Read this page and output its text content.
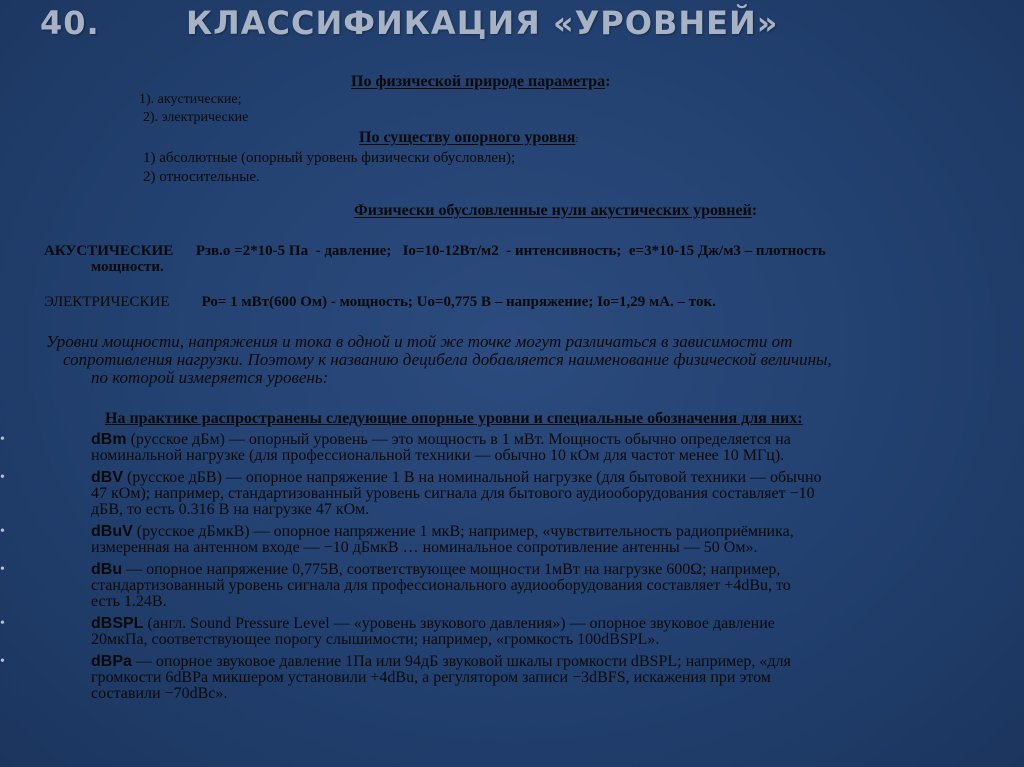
40.	КЛАССИФИКАЦИЯ «УРОВНЕЙ»
По физической природе параметра:
1). акустические;
2). электрические
По существу опорного уровня:
1) абсолютные (опорный уровень физически обусловлен);
2) относительные.
Физически обусловленные нули акустических уровней:
АКУСТИЧЕСКИЕ      Рзв.о =2*10-5 Па  - давление;   Iо=10-12Вт/м2  - интенсивность;  е=3*10-15 Дж/м3 – плотность
мощности.
ЭЛЕКТРИЧЕСКИЕ Ро= 1 мВт(600 Ом) - мощность; Uо=0,775 В – напряжение; Iо=1,29 мА. – ток.
Уровни мощности, напряжения и тока в одной и той же точке могут различаться в зависимости от
сопротивления нагрузки. Поэтому к названию децибела добавляется наименование физической величины,
по которой измеряется уровень:
На практике распространены следующие опорные уровни и специальные обозначения для них:
•	dBm (русское дБм) — опорный уровень — это мощность в 1 мВт. Мощность обычно определяется на
номинальной нагрузке (для профессиональной техники — обычно 10 кОм для частот менее 10 МГц).
•	dBV (русское дБВ) — опорное напряжение 1 В на номинальной нагрузке (для бытовой техники — обычно
47 кОм); например, стандартизованный уровень сигнала для бытового аудиооборудования составляет −10
дБВ, то есть 0.316 В на нагрузке 47 кОм.
•	dBuV (русское дБмкВ) — опорное напряжение 1 мкВ; например, «чувствительность радиоприёмника,
измеренная на антенном входе — −10 дБмкВ … номинальное сопротивление антенны — 50 Ом».
•	dBu — опорное напряжение 0,775В, соответствующее мощности 1мВт на нагрузке 600Ω; например,
стандартизованный уровень сигнала для профессионального аудиооборудования составляет +4dBu, то
есть 1.24В.
•	dBSPL (англ. Sound Pressure Level — «уровень звукового давления») — опорное звуковое давление
20мкПа, соответствующее порогу слышимости; например, «громкость 100dBSPL».
•	dBPa — опорное звуковое давление 1Па или 94дБ звуковой шкалы громкости dBSPL; например, «для
громкости 6dBPa микшером установили +4dBu, а регулятором записи −3dBFS, искажения при этом
составили −70dBc».
